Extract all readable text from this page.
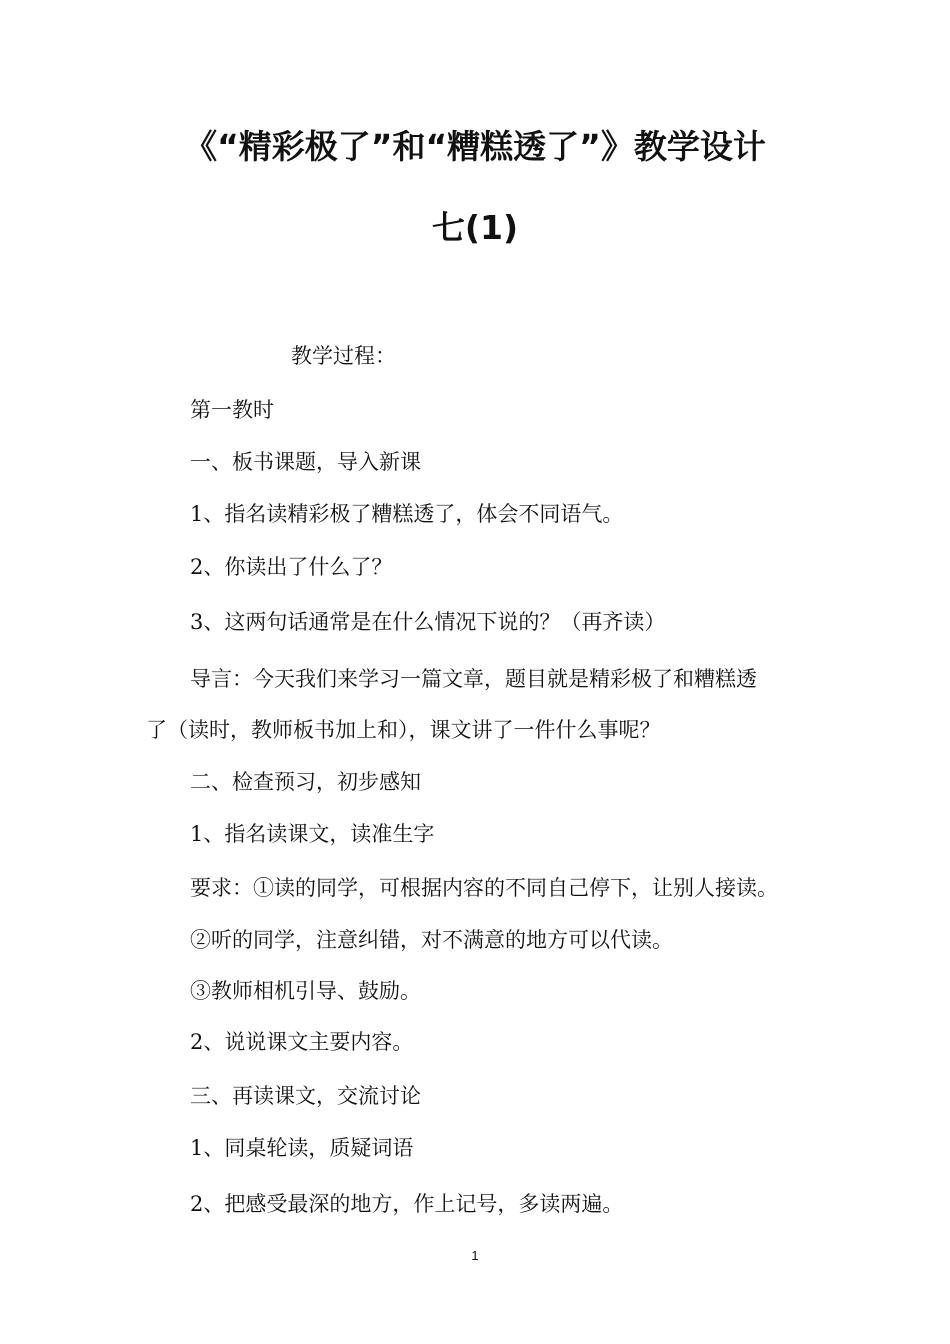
《“精彩极了”和“糟糕透了”》教学设计
七(1)
教学过程：
第一教时
一、板书课题，导入新课
1、指名读精彩极了糟糕透了，体会不同语气。
2、你读出了什么了？
3、这两句话通常是在什么情况下说的？（再齐读）
导言：今天我们来学习一篇文章，题目就是精彩极了和糟糕透
了（读时，教师板书加上和），课文讲了一件什么事呢？
二、检查预习，初步感知
1、指名读课文，读准生字
要求：①读的同学，可根据内容的不同自己停下，让别人接读。
②听的同学，注意纠错，对不满意的地方可以代读。
③教师相机引导、鼓励。
2、说说课文主要内容。
三、再读课文，交流讨论
1、同桌轮读，质疑词语
2、把感受最深的地方，作上记号，多读两遍。
1
